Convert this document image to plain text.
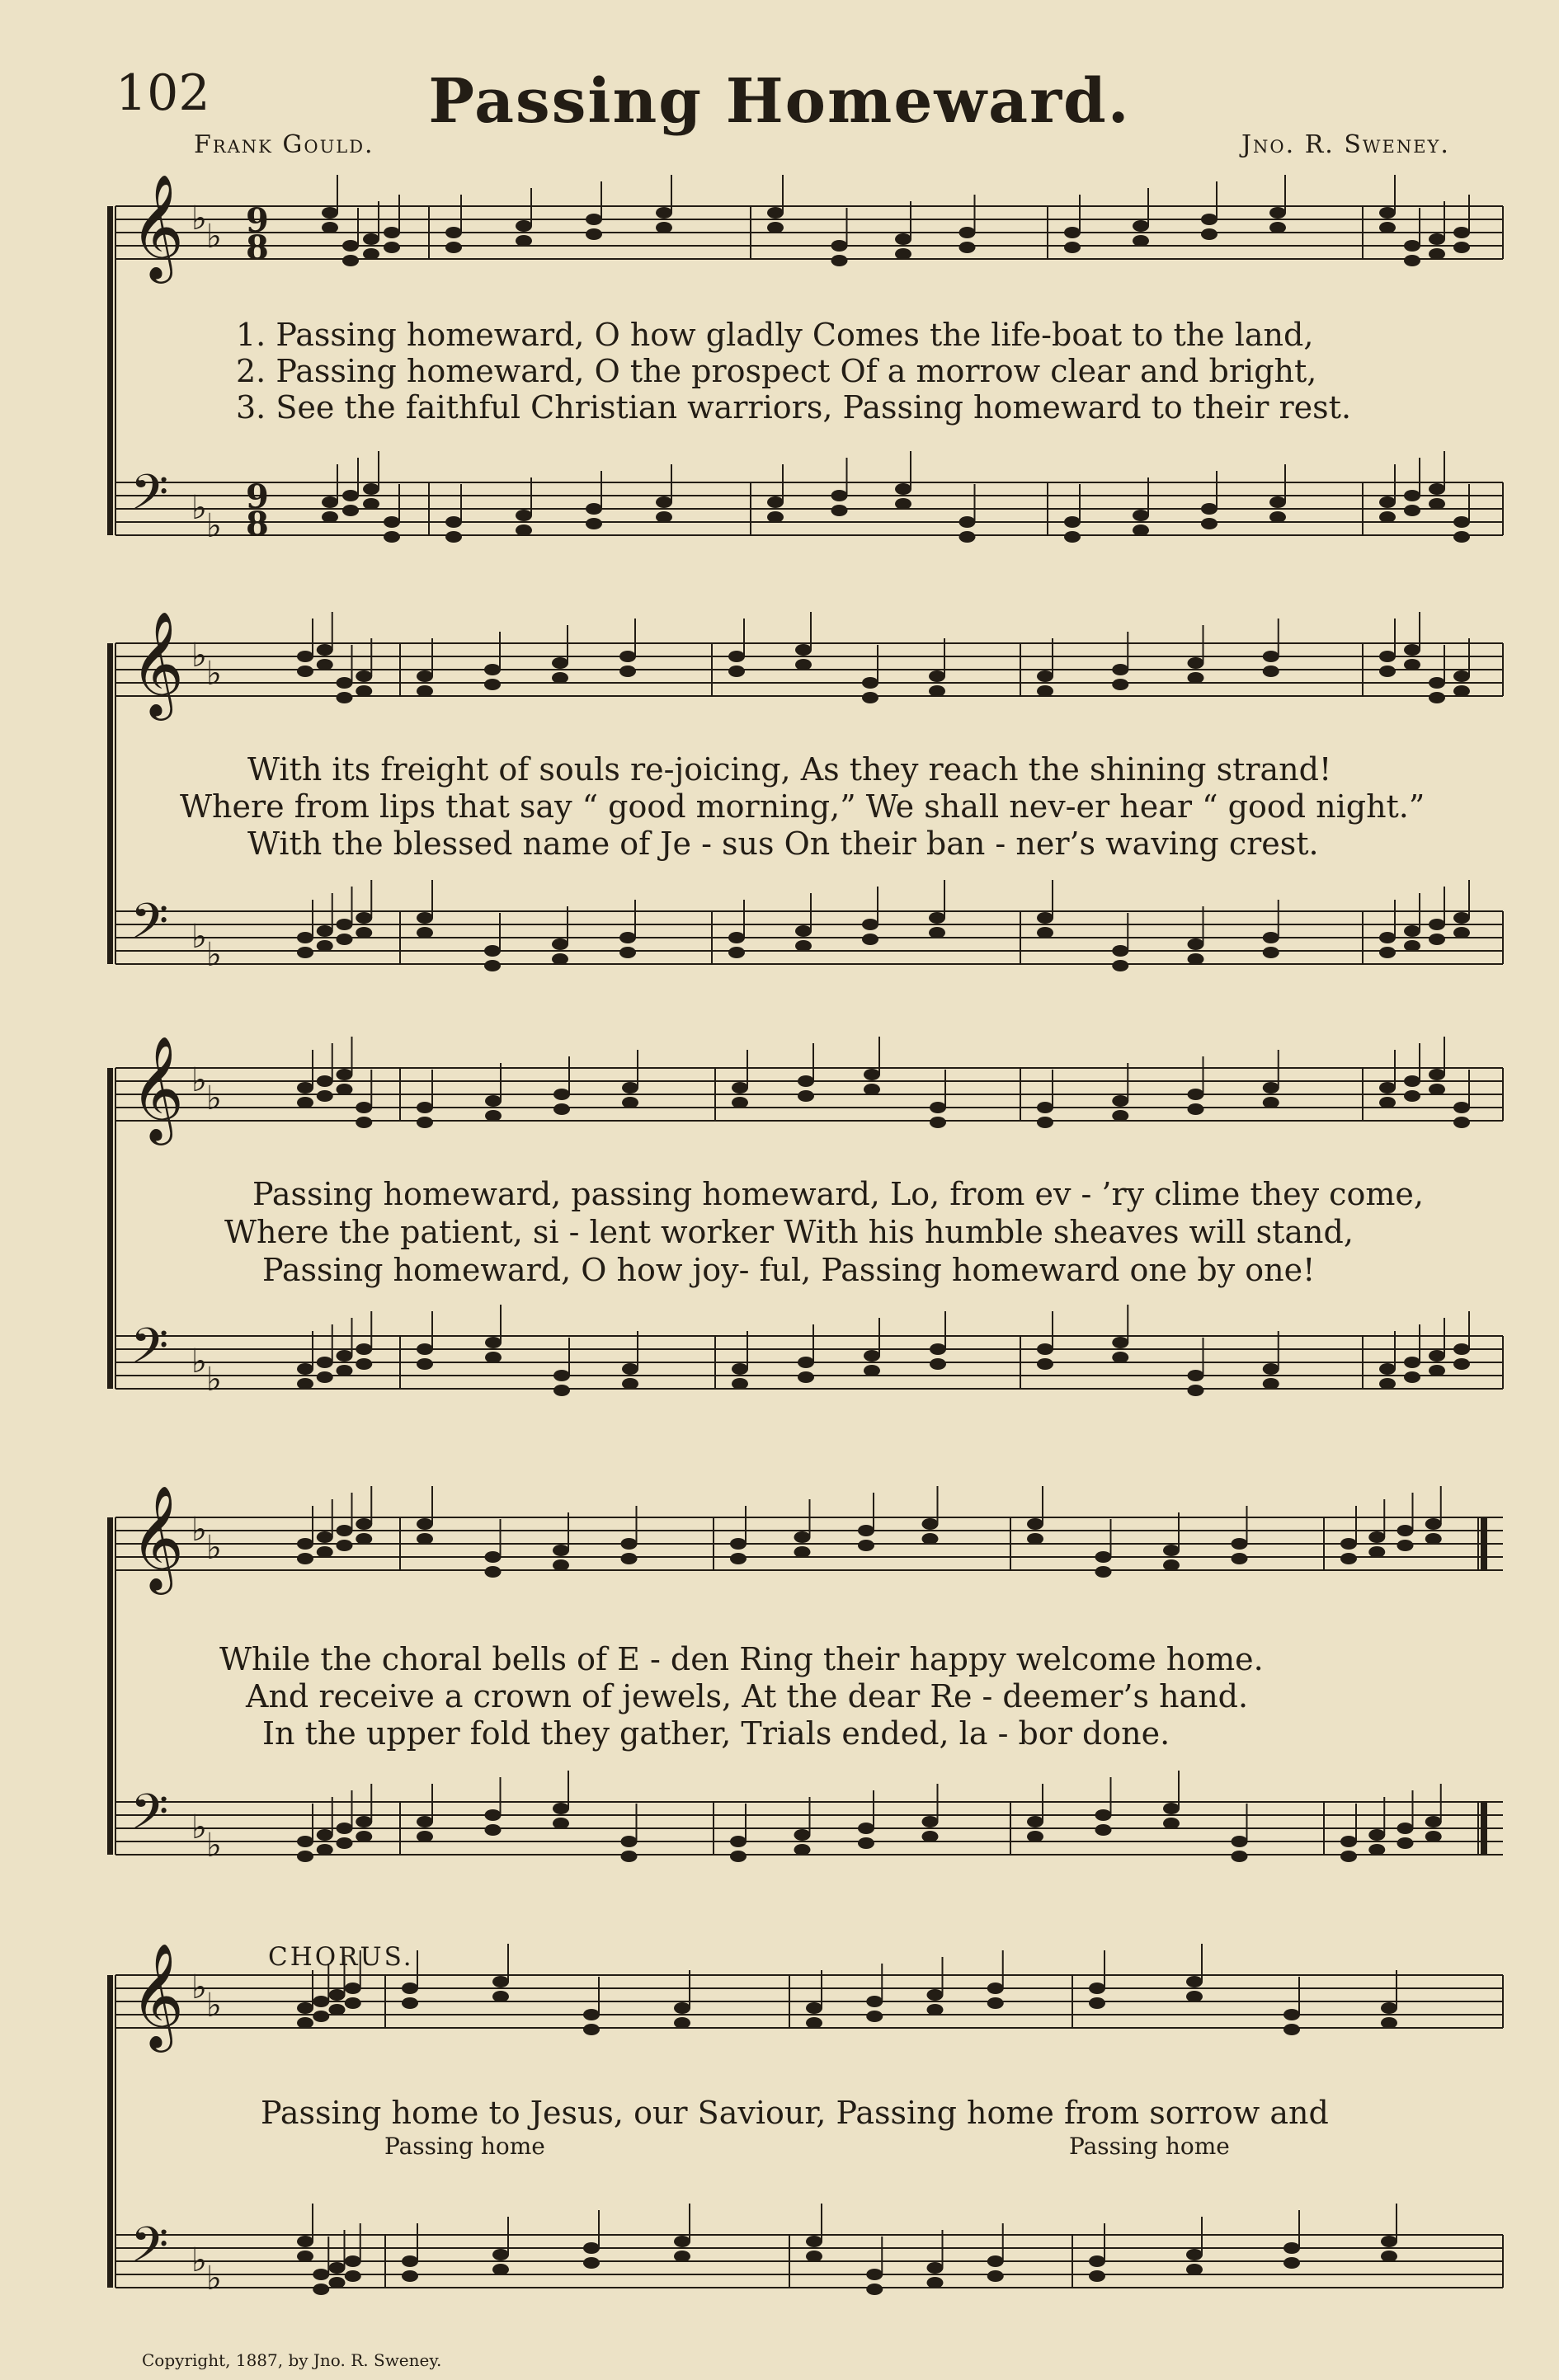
𝄞 ♭ ♭ 9
8
𝄢 ♭ ♭
9
8
𝄞 ♭ ♭
𝄢 ♭ ♭
𝄞 ♭ ♭
𝄢 ♭ ♭
𝄞 ♭ ♭
𝄢 ♭ ♭
𝄞 ♭ ♭
𝄢 ♭ ♭
102	Passing Homeward.
Frank Gould.	Jno. R. Sweney.
1. Passing homeward, O how gladly Comes the life-boat to the land,
2. Passing homeward, O the prospect Of a morrow clear and bright,
3. See the faithful Christian warriors, Passing homeward to their rest.
With its freight of souls re-joicing, As they reach the shining strand!
Where from lips that say “ good morning,” We shall nev-er hear “ good night.”
With the blessed name of Je - sus On their ban - ner’s waving crest.
Passing homeward, passing homeward, Lo, from ev - ’ry clime they come,
Where the patient, si - lent worker With his humble sheaves will stand,
Passing homeward, O how joy- ful, Passing homeward one by one!
While the choral bells of E - den Ring their happy welcome home.
And receive a crown of jewels, At the dear Re - deemer’s hand.
In the upper fold they gather, Trials ended, la - bor done.
CHORUS.
Passing home to Jesus, our Saviour, Passing home from sorrow and
Passing home	Passing home
Copyright, 1887, by Jno. R. Sweney.
